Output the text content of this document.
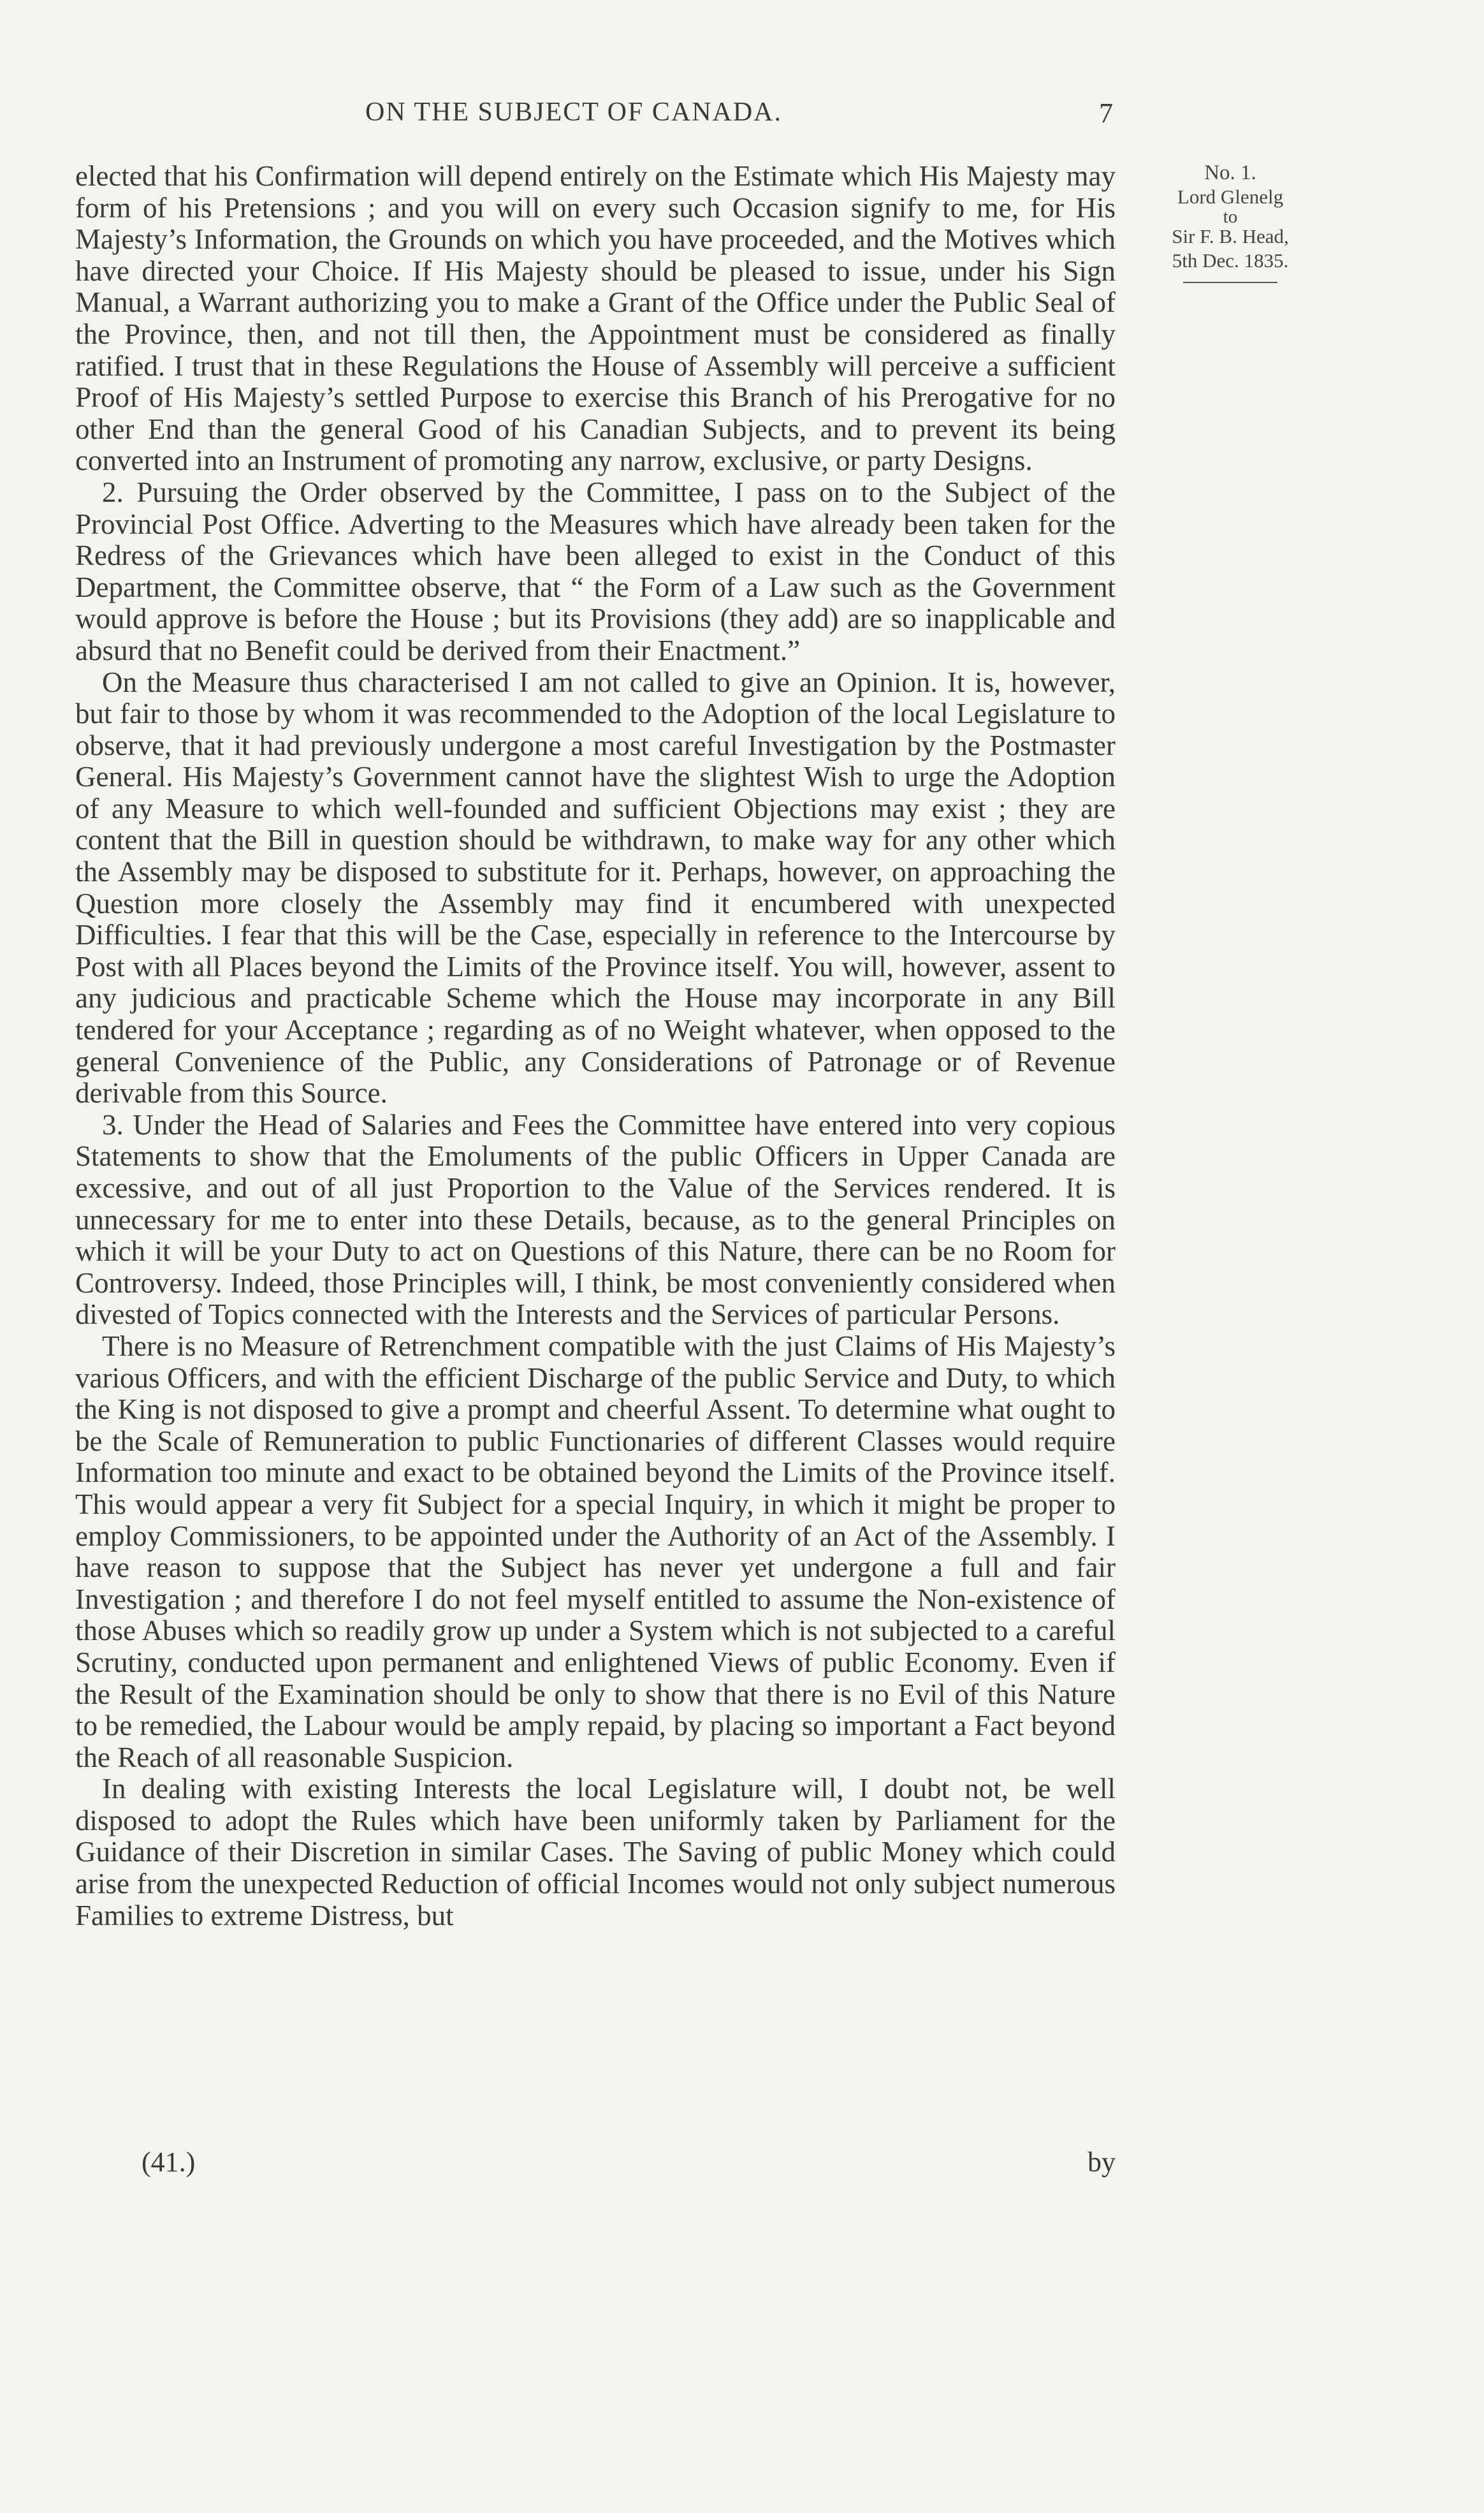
ON THE SUBJECT OF CANADA.	7
No. 1.
Lord Glenelg
to
Sir F. B. Head,
5th Dec. 1835.

elected that his Confirmation will depend entirely on the Estimate which His Majesty may form of his Pretensions ; and you will on every such Occasion signify to me, for His Majesty’s Information, the Grounds on which you have proceeded, and the Motives which have directed your Choice. If His Majesty should be pleased to issue, under his Sign Manual, a Warrant authorizing you to make a Grant of the Office under the Public Seal of the Province, then, and not till then, the Appointment must be considered as finally ratified. I trust that in these Regulations the House of Assembly will perceive a sufficient Proof of His Majesty’s settled Purpose to exercise this Branch of his Prerogative for no other End than the general Good of his Canadian Subjects, and to prevent its being converted into an Instrument of promoting any narrow, exclusive, or party Designs.

2. Pursuing the Order observed by the Committee, I pass on to the Subject of the Provincial Post Office. Adverting to the Measures which have already been taken for the Redress of the Grievances which have been alleged to exist in the Conduct of this Department, the Committee observe, that “ the Form of a Law such as the Government would approve is before the House ; but its Provisions (they add) are so inapplicable and absurd that no Benefit could be derived from their Enactment.”

On the Measure thus characterised I am not called to give an Opinion. It is, however, but fair to those by whom it was recommended to the Adoption of the local Legislature to observe, that it had previously undergone a most careful Investigation by the Postmaster General. His Majesty’s Government cannot have the slightest Wish to urge the Adoption of any Measure to which well-founded and sufficient Objections may exist ; they are content that the Bill in question should be withdrawn, to make way for any other which the Assembly may be disposed to substitute for it. Perhaps, however, on approaching the Question more closely the Assembly may find it encumbered with unexpected Difficulties. I fear that this will be the Case, especially in reference to the Intercourse by Post with all Places beyond the Limits of the Province itself. You will, however, assent to any judicious and practicable Scheme which the House may incorporate in any Bill tendered for your Acceptance ; regarding as of no Weight whatever, when opposed to the general Convenience of the Public, any Considerations of Patronage or of Revenue derivable from this Source.

3. Under the Head of Salaries and Fees the Committee have entered into very copious Statements to show that the Emoluments of the public Officers in Upper Canada are excessive, and out of all just Proportion to the Value of the Services rendered. It is unnecessary for me to enter into these Details, because, as to the general Principles on which it will be your Duty to act on Questions of this Nature, there can be no Room for Controversy. Indeed, those Principles will, I think, be most conveniently considered when divested of Topics connected with the Interests and the Services of particular Persons.

There is no Measure of Retrenchment compatible with the just Claims of His Majesty’s various Officers, and with the efficient Discharge of the public Service and Duty, to which the King is not disposed to give a prompt and cheerful Assent. To determine what ought to be the Scale of Remuneration to public Functionaries of different Classes would require Information too minute and exact to be obtained beyond the Limits of the Province itself. This would appear a very fit Subject for a special Inquiry, in which it might be proper to employ Commissioners, to be appointed under the Authority of an Act of the Assembly. I have reason to suppose that the Subject has never yet undergone a full and fair Investigation ; and therefore I do not feel myself entitled to assume the Non-existence of those Abuses which so readily grow up under a System which is not subjected to a careful Scrutiny, conducted upon permanent and enlightened Views of public Economy. Even if the Result of the Examination should be only to show that there is no Evil of this Nature to be remedied, the Labour would be amply repaid, by placing so important a Fact beyond the Reach of all reasonable Suspicion.

In dealing with existing Interests the local Legislature will, I doubt not, be well disposed to adopt the Rules which have been uniformly taken by Parliament for the Guidance of their Discretion in similar Cases. The Saving of public Money which could arise from the unexpected Reduction of official Incomes would not only subject numerous Families to extreme Distress, but

(41.)	by
